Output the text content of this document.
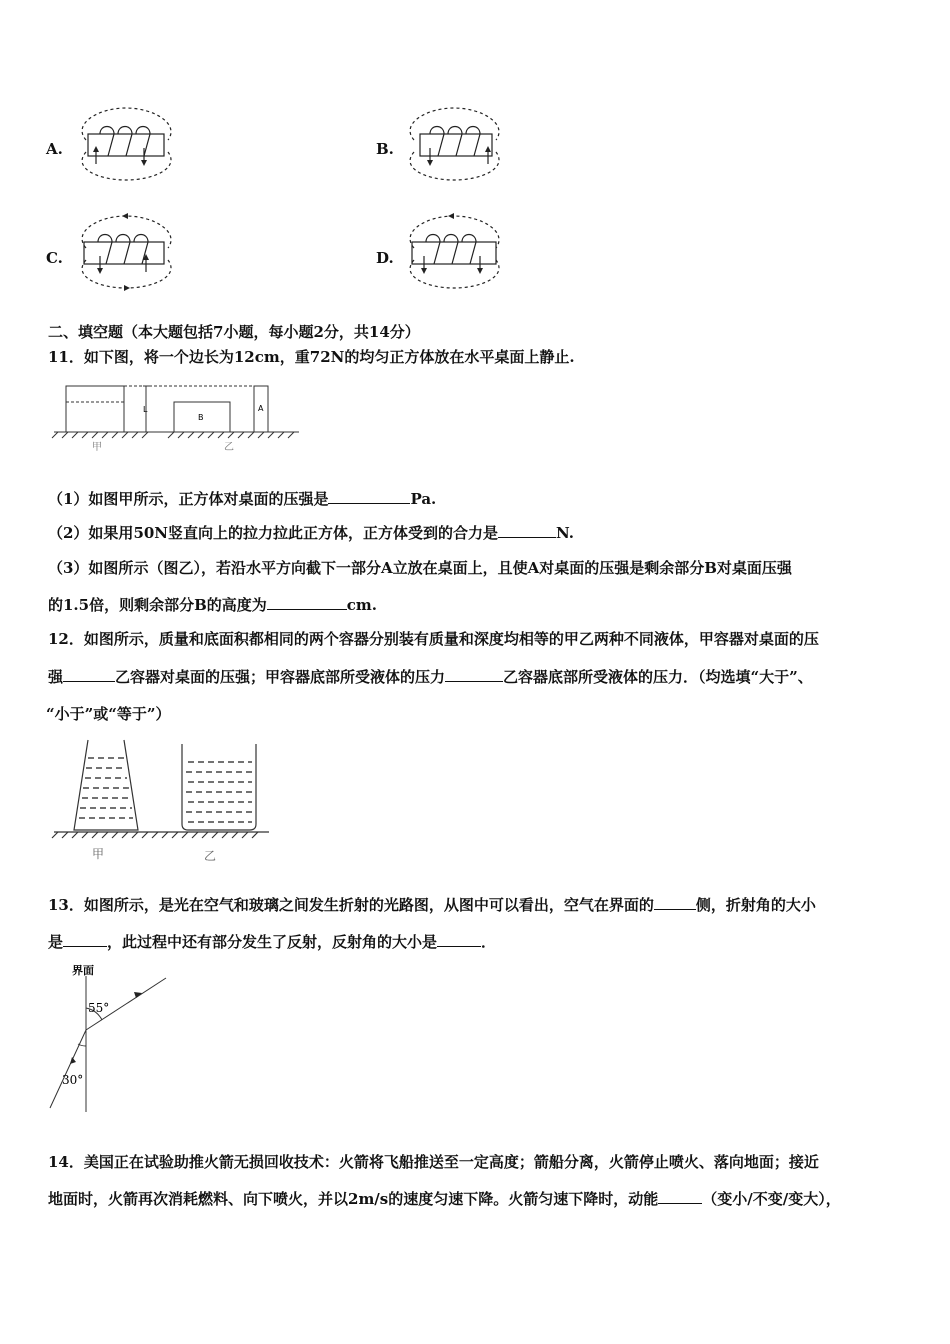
A.	B.
C.	D.
二、填空题（本大题包括7小题，每小题2分，共14分）
11．如下图，将一个边长为12cm，重72N的均匀正方体放在水平桌面上静止.
L
B
A
甲	乙
（1）如图甲所示，正方体对桌面的压强是	Pa.
（2）如果用50N竖直向上的拉力拉此正方体，正方体受到的合力是	N.
（3）如图所示（图乙），若沿水平方向截下一部分A立放在桌面上，且使A对桌面的压强是剩余部分B对桌面压强
的1.5倍，则剩余部分B的高度为	cm.
12．如图所示，质量和底面积都相同的两个容器分别装有质量和深度均相等的甲乙两种不同液体，甲容器对桌面的压
强	乙容器对桌面的压强；甲容器底部所受液体的压力	乙容器底部所受液体的压力．（均选填“大于”、
“小于”或“等于”）
甲	乙
13．如图所示，是光在空气和玻璃之间发生折射的光路图，从图中可以看出，空气在界面的	侧，折射角的大小
是	，此过程中还有部分发生了反射，反射角的大小是	．
界面
55°
30°
14．美国正在试验助推火箭无损回收技术：火箭将飞船推送至一定高度；箭船分离，火箭停止喷火、落向地面；接近
地面时，火箭再次消耗燃料、向下喷火，并以2m/s的速度匀速下降。火箭匀速下降时，动能	（变小/不变/变大），
